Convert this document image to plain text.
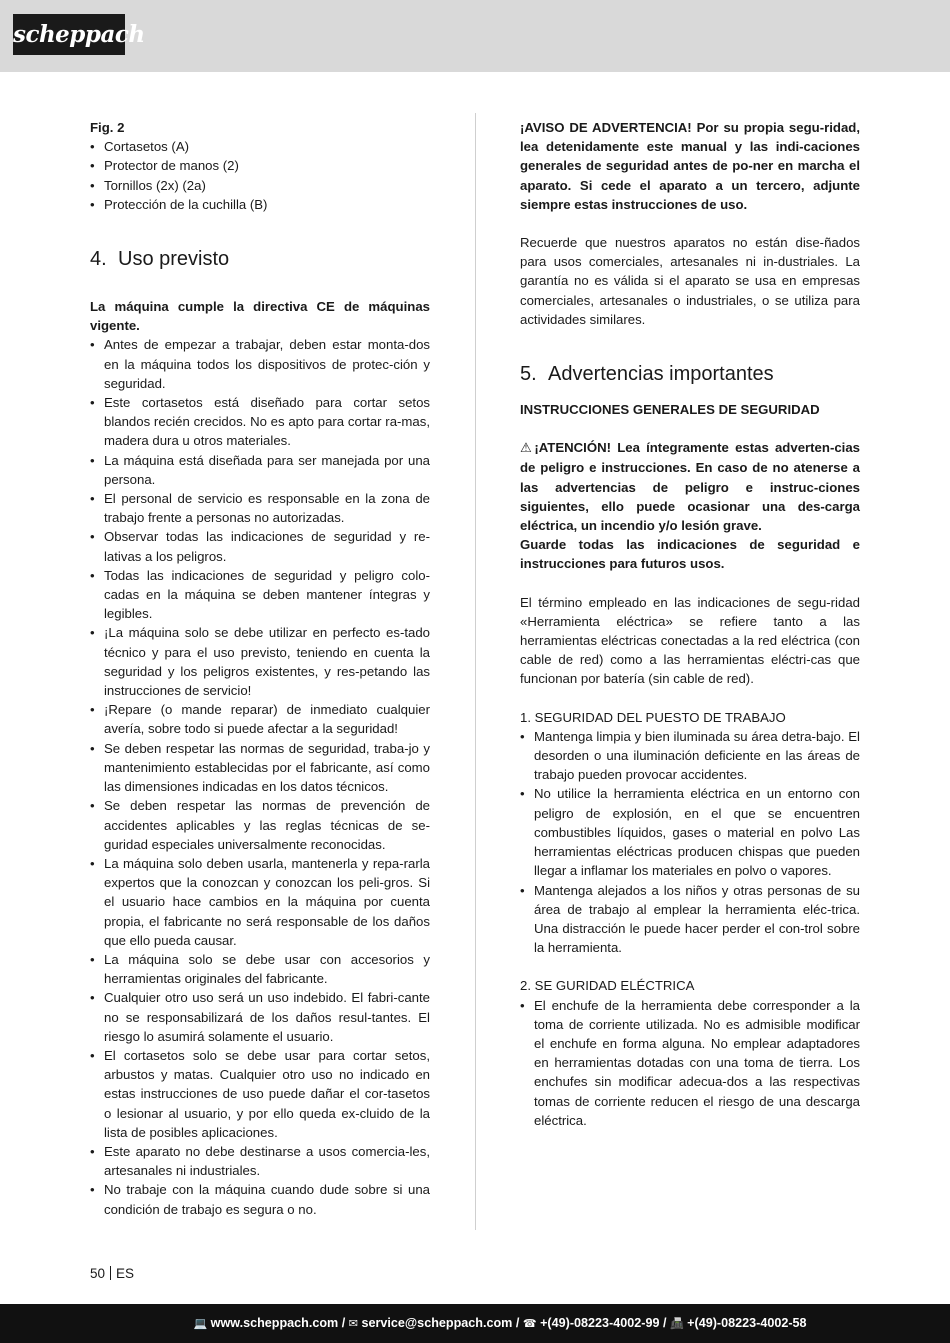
scheppach
Fig. 2
• Cortasetos (A)
• Protector de manos (2)
• Tornillos (2x) (2a)
• Protección de la cuchilla (B)
4. Uso previsto

La máquina cumple la directiva CE de máquinas vigente.

• Antes de empezar a trabajar, deben estar monta-dos en la máquina todos los dispositivos de protec-ción y seguridad.
• Este cortasetos está diseñado para cortar setos blandos recién crecidos. No es apto para cortar ra-mas, madera dura u otros materiales.
• La máquina está diseñada para ser manejada por una persona.
• El personal de servicio es responsable en la zona de trabajo frente a personas no autorizadas.
• Observar todas las indicaciones de seguridad y re-lativas a los peligros.
• Todas las indicaciones de seguridad y peligro colo-cadas en la máquina se deben mantener íntegras y legibles.
• ¡La máquina solo se debe utilizar en perfecto es-tado técnico y para el uso previsto, teniendo en cuenta la seguridad y los peligros existentes, y res-petando las instrucciones de servicio!
• ¡Repare (o mande reparar) de inmediato cualquier avería, sobre todo si puede afectar a la seguridad!
• Se deben respetar las normas de seguridad, traba-jo y mantenimiento establecidas por el fabricante, así como las dimensiones indicadas en los datos técnicos.
• Se deben respetar las normas de prevención de accidentes aplicables y las reglas técnicas de se-guridad especiales universalmente reconocidas.
• La máquina solo deben usarla, mantenerla y repa-rarla expertos que la conozcan y conozcan los peli-gros. Si el usuario hace cambios en la máquina por cuenta propia, el fabricante no será responsable de los daños que ello pueda causar.
• La máquina solo se debe usar con accesorios y herramientas originales del fabricante.
• Cualquier otro uso será un uso indebido. El fabri-cante no se responsabilizará de los daños resul-tantes. El riesgo lo asumirá solamente el usuario.
• El cortasetos solo se debe usar para cortar setos, arbustos y matas. Cualquier otro uso no indicado en estas instrucciones de uso puede dañar el cor-tasetos o lesionar al usuario, y por ello queda ex-cluido de la lista de posibles aplicaciones.
• Este aparato no debe destinarse a usos comercia-les, artesanales ni industriales.
• No trabaje con la máquina cuando dude sobre si una condición de trabajo es segura o no.

¡AVISO DE ADVERTENCIA! Por su propia segu-ridad, lea detenidamente este manual y las indi-caciones generales de seguridad antes de po-ner en marcha el aparato. Si cede el aparato a un tercero, adjunte siempre estas instrucciones de uso.

Recuerde que nuestros aparatos no están dise-ñados para usos comerciales, artesanales ni in-dustriales. La garantía no es válida si el aparato se usa en empresas comerciales, artesanales o industriales, o se utiliza para actividades similares.

5. Advertencias importantes
INSTRUCCIONES GENERALES DE SEGURIDAD

⚠¡ATENCIÓN! Lea íntegramente estas adverten-cias de peligro e instrucciones. En caso de no atenerse a las advertencias de peligro e instruc-ciones siguientes, ello puede ocasionar una des-carga eléctrica, un incendio y/o lesión grave.

Guarde todas las indicaciones de seguridad e instrucciones para futuros usos.

El término empleado en las indicaciones de segu-ridad «Herramienta eléctrica» se refiere tanto a las herramientas eléctricas conectadas a la red eléctrica (con cable de red) como a las herramientas eléctri-cas que funcionan por batería (sin cable de red).

1. SEGURIDAD DEL PUESTO DE TRABAJO
• Mantenga limpia y bien iluminada su área detra-bajo. El desorden o una iluminación deficiente en las áreas de trabajo pueden provocar accidentes.
• No utilice la herramienta eléctrica en un entorno con peligro de explosión, en el que se encuentren combustibles líquidos, gases o material en polvo Las herramientas eléctricas producen chispas que pueden llegar a inflamar los materiales en polvo o vapores.
• Mantenga alejados a los niños y otras personas de su área de trabajo al emplear la herramienta eléc-trica. Una distracción le puede hacer perder el con-trol sobre la herramienta.
2. SE GURIDAD ELÉCTRICA
• El enchufe de la herramienta debe corresponder a la toma de corriente utilizada. No es admisible modificar el enchufe en forma alguna. No emplear adaptadores en herramientas dotadas con una toma de tierra. Los enchufes sin modificar adecua-dos a las respectivas tomas de corriente reducen el riesgo de una descarga eléctrica.
50 ES
💻 www.scheppach.com / ✉ service@scheppach.com / ☎ +(49)-08223-4002-99 / 📠 +(49)-08223-4002-58
